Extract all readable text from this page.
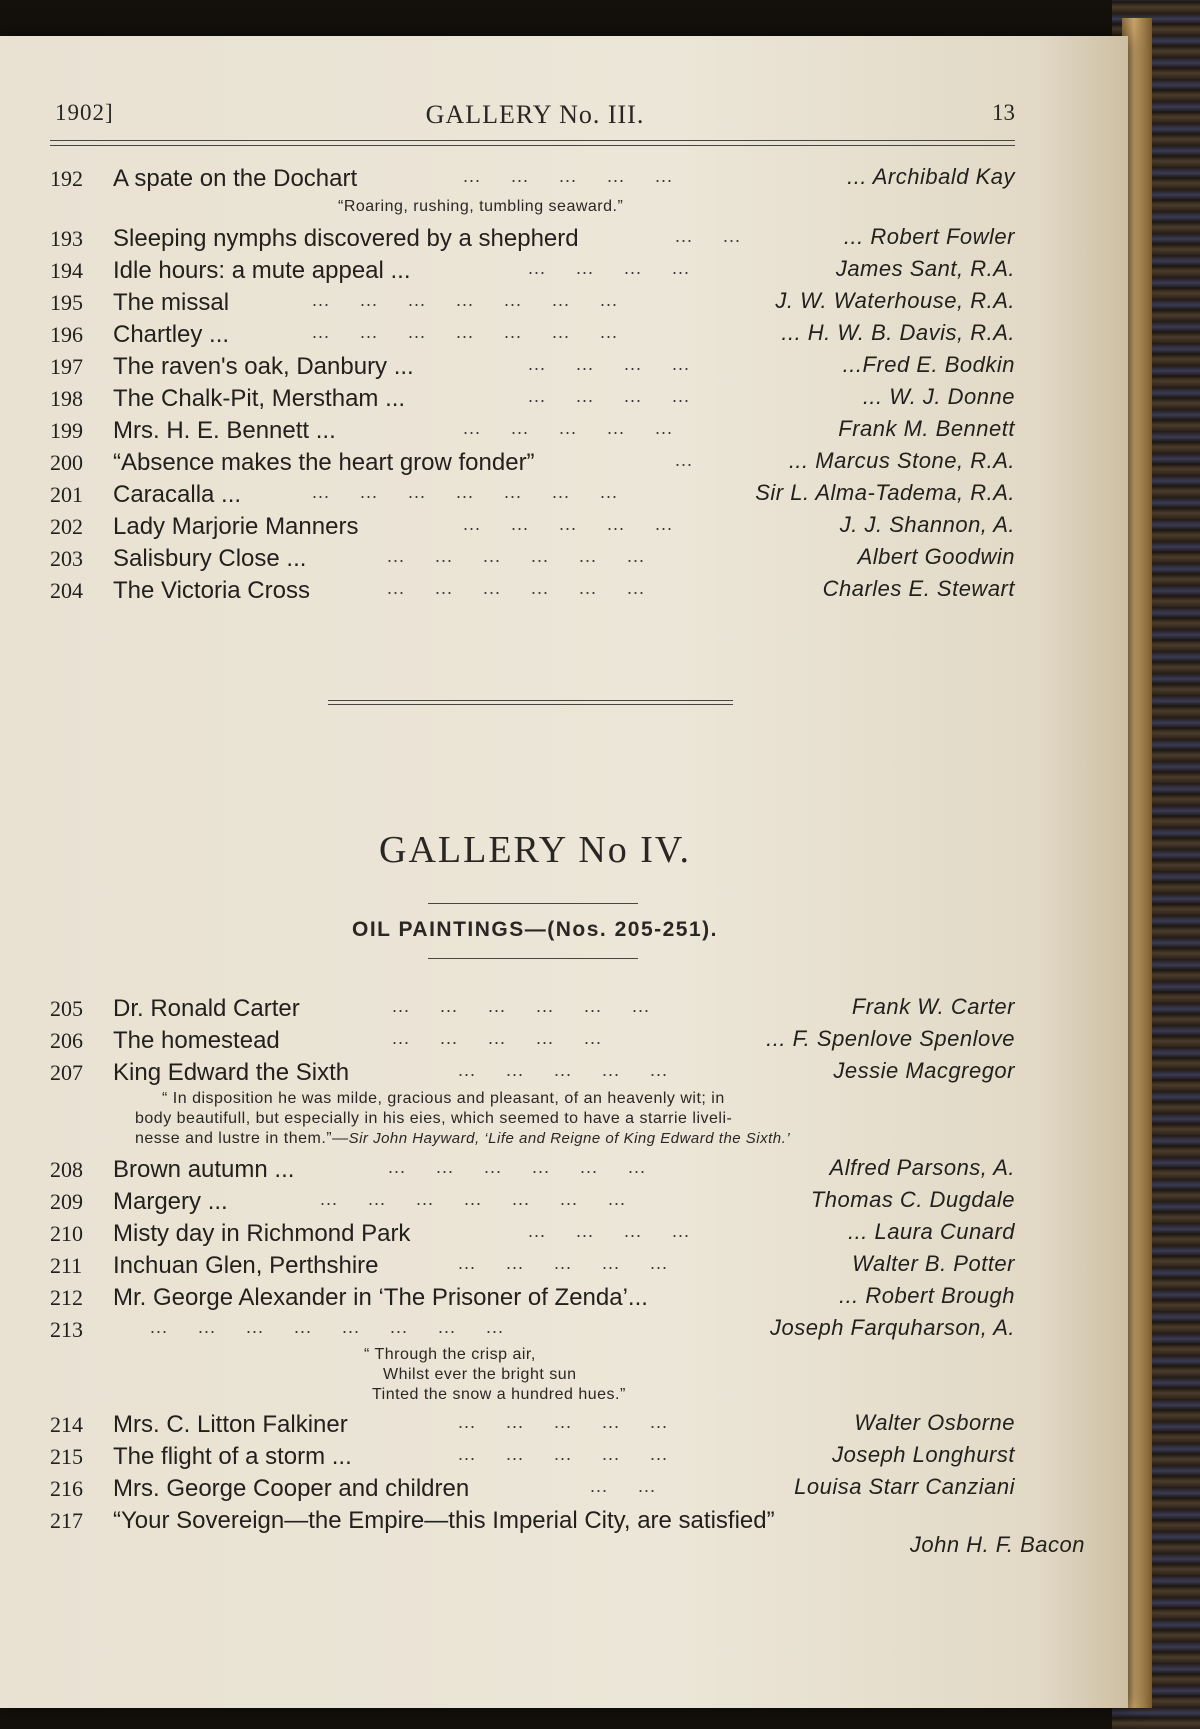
1902]	GALLERY No. III.	13
192 A spate on the Dochart	...     ...     ...     ...     ...	... Archibald Kay
“Roaring, rushing, tumbling seaward.”
193 Sleeping nymphs discovered by a shepherd	...     ...	... Robert Fowler
194 Idle hours: a mute appeal ...	...     ...     ...     ...	James Sant, R.A.
195 The missal	...     ...     ...     ...     ...     ...     ...	J. W. Waterhouse, R.A.
196 Chartley ...	...     ...     ...     ...     ...     ...     ...	... H. W. B. Davis, R.A.
197 The raven's oak, Danbury ...	...     ...     ...     ...	...Fred E. Bodkin
198 The Chalk-Pit, Merstham ...	...     ...     ...     ...	... W. J. Donne
199 Mrs. H. E. Bennett ...	...     ...     ...     ...     ...	Frank M. Bennett
200 “Absence makes the heart grow fonder”	...	... Marcus Stone, R.A.
201 Caracalla ...	...     ...     ...     ...     ...     ...     ...	Sir L. Alma-Tadema, R.A.
202 Lady Marjorie Manners	...     ...     ...     ...     ...	J. J. Shannon, A.
203 Salisbury Close ...	...     ...     ...     ...     ...     ...	Albert Goodwin
204 The Victoria Cross	...     ...     ...     ...     ...     ...	Charles E. Stewart
GALLERY No IV.
OIL PAINTINGS—(Nos. 205-251).
205 Dr. Ronald Carter	...     ...     ...     ...     ...     ...	Frank W. Carter
206 The homestead	...     ...     ...     ...     ...	... F. Spenlove Spenlove
207 King Edward the Sixth	...     ...     ...     ...     ...	Jessie Macgregor
“ In disposition he was milde, gracious and pleasant, of an heavenly wit; in
body beautifull, but especially in his eies, which seemed to have a starrie liveli-
nesse and lustre in them.”—Sir John Hayward, ‘Life and Reigne of King Edward the Sixth.’
208 Brown autumn ...	...     ...     ...     ...     ...     ...	Alfred Parsons, A.
209 Margery ...	...     ...     ...     ...     ...     ...     ...	Thomas C. Dugdale
210 Misty day in Richmond Park	...     ...     ...     ...	... Laura Cunard
211 Inchuan Glen, Perthshire	...     ...     ...     ...     ...	Walter B. Potter
212 Mr. George Alexander in ‘The Prisoner of Zenda’...	... Robert Brough
213	...     ...     ...     ...     ...     ...     ...     ...	Joseph Farquharson, A.
“ Through the crisp air,
Whilst ever the bright sun
Tinted the snow a hundred hues.”
214 Mrs. C. Litton Falkiner	...     ...     ...     ...     ...	Walter Osborne
215 The flight of a storm ...	...     ...     ...     ...     ...	Joseph Longhurst
216 Mrs. George Cooper and children	...     ...	Louisa Starr Canziani
217 “Your Sovereign—the Empire—this Imperial City, are satisfied”
John H. F. Bacon
